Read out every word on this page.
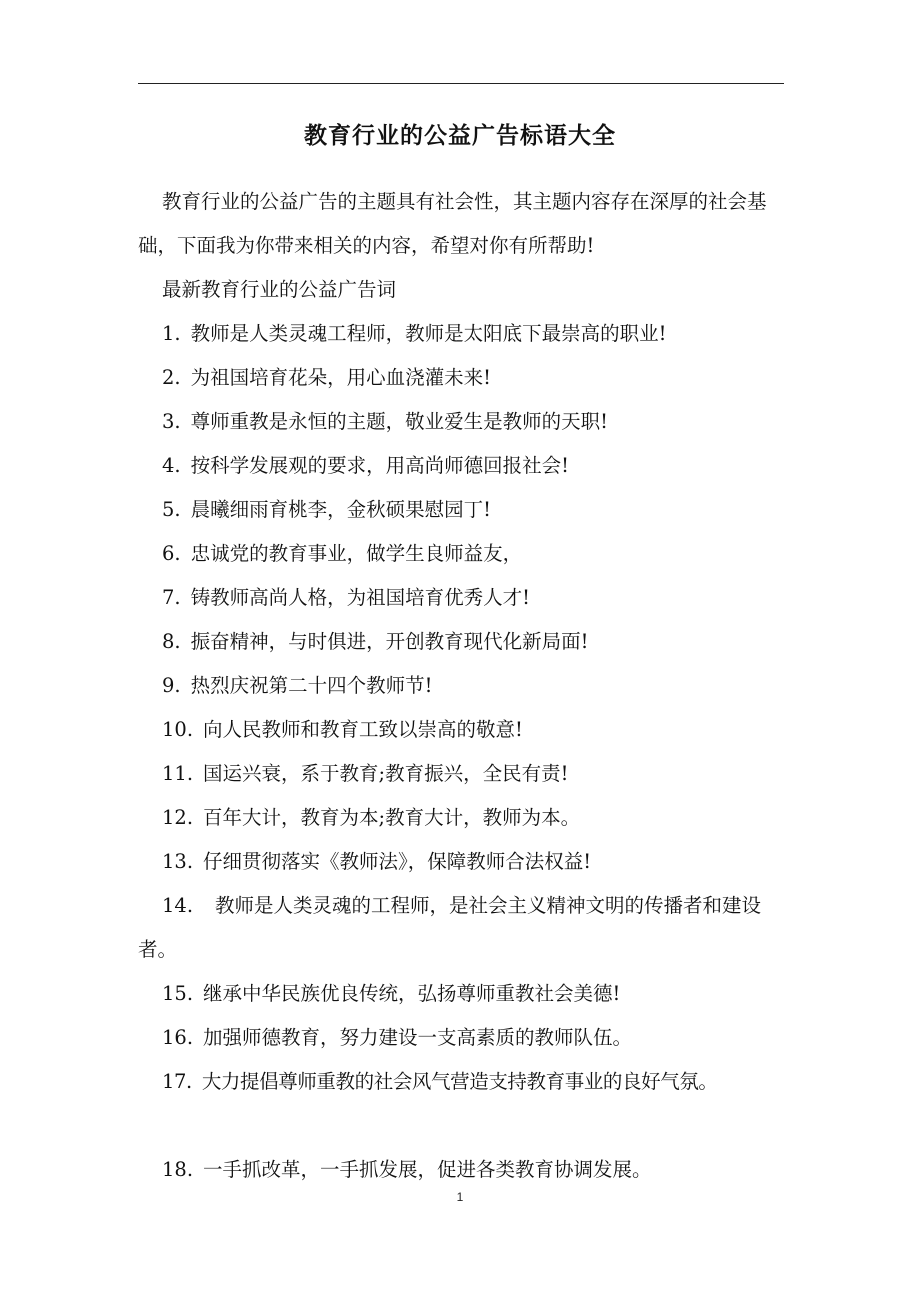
教育行业的公益广告标语大全

教育行业的公益广告的主题具有社会性，其主题内容存在深厚的社会基础，下面我为你带来相关的内容，希望对你有所帮助!

最新教育行业的公益广告词

1. 教师是人类灵魂工程师，教师是太阳底下最崇高的职业!

2. 为祖国培育花朵，用心血浇灌未来!

3. 尊师重教是永恒的主题，敬业爱生是教师的天职!

4. 按科学发展观的要求，用高尚师德回报社会!

5. 晨曦细雨育桃李，金秋硕果慰园丁!

6. 忠诚党的教育事业，做学生良师益友，

7. 铸教师高尚人格，为祖国培育优秀人才!

8. 振奋精神，与时俱进，开创教育现代化新局面!

9. 热烈庆祝第二十四个教师节!

10. 向人民教师和教育工致以崇高的敬意!

11. 国运兴衰，系于教育;教育振兴，全民有责!

12. 百年大计，教育为本;教育大计，教师为本。

13. 仔细贯彻落实《教师法》，保障教师合法权益!

14. 教师是人类灵魂的工程师，是社会主义精神文明的传播者和建设者。

15. 继承中华民族优良传统，弘扬尊师重教社会美德!

16. 加强师德教育，努力建设一支高素质的教师队伍。

17. 大力提倡尊师重教的社会风气营造支持教育事业的良好气氛。

18. 一手抓改革，一手抓发展，促进各类教育协调发展。

1
